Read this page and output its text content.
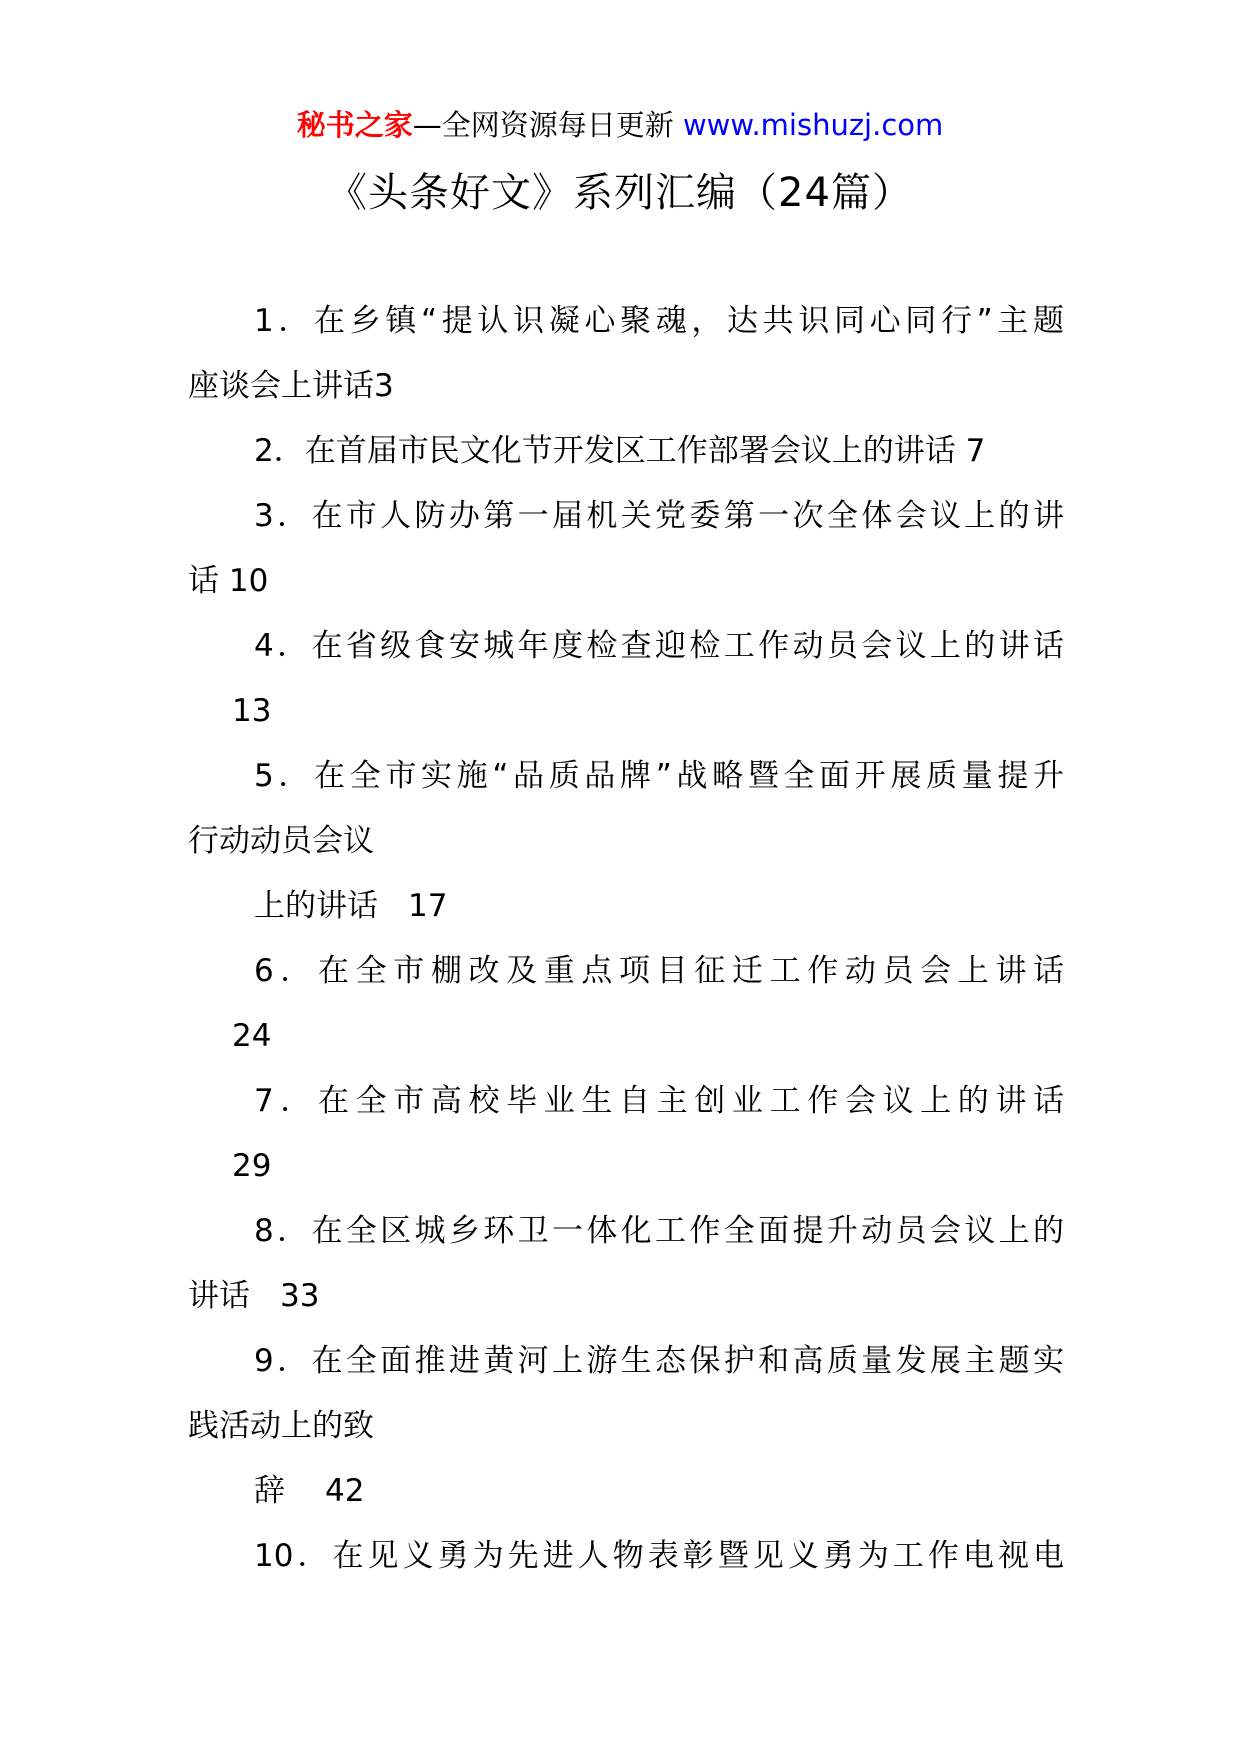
秘书之家—全网资源每日更新 www.mishuzj.com
《头条好文》系列汇编（24篇）
1．在乡镇“提认识凝心聚魂，达共识同心同行”主题
座谈会上讲话3
2．在首届市民文化节开发区工作部署会议上的讲话 7
3．在市人防办第一届机关党委第一次全体会议上的讲
话 10
4．在省级食安城年度检查迎检工作动员会议上的讲话
13
5．在全市实施“品质品牌”战略暨全面开展质量提升
行动动员会议
上的讲话 17
6．在全市棚改及重点项目征迁工作动员会上讲话
24
7．在全市高校毕业生自主创业工作会议上的讲话
29
8．在全区城乡环卫一体化工作全面提升动员会议上的
讲话 33
9．在全面推进黄河上游生态保护和高质量发展主题实
践活动上的致
辞 42
10．在见义勇为先进人物表彰暨见义勇为工作电视电
